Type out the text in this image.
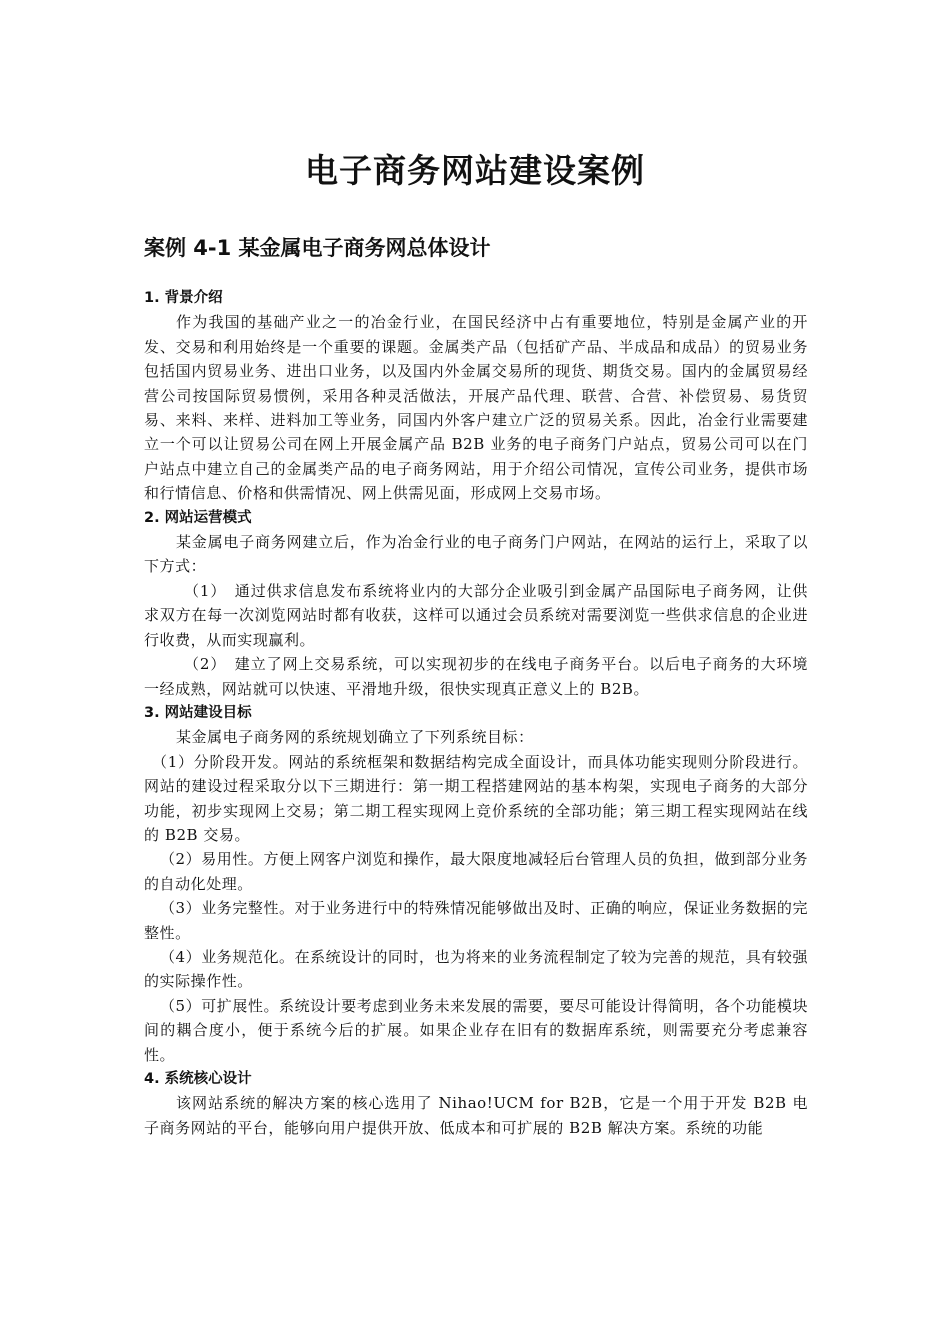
电子商务网站建设案例
案例 4-1 某金属电子商务网总体设计

1. 背景介绍

作为我国的基础产业之一的冶金行业，在国民经济中占有重要地位，特别是金属产业的开发、交易和利用始终是一个重要的课题。金属类产品（包括矿产品、半成品和成品）的贸易业务包括国内贸易业务、进出口业务，以及国内外金属交易所的现货、期货交易。国内的金属贸易经营公司按国际贸易惯例，采用各种灵活做法，开展产品代理、联营、合营、补偿贸易、易货贸易、来料、来样、进料加工等业务，同国内外客户建立广泛的贸易关系。因此，冶金行业需要建立一个可以让贸易公司在网上开展金属产品 B2B 业务的电子商务门户站点，贸易公司可以在门户站点中建立自己的金属类产品的电子商务网站，用于介绍公司情况，宣传公司业务，提供市场和行情信息、价格和供需情况、网上供需见面，形成网上交易市场。

2. 网站运营模式

某金属电子商务网建立后，作为冶金行业的电子商务门户网站，在网站的运行上，采取了以下方式：

（1）　通过供求信息发布系统将业内的大部分企业吸引到金属产品国际电子商务网，让供求双方在每一次浏览网站时都有收获，这样可以通过会员系统对需要浏览一些供求信息的企业进行收费，从而实现赢利。

（2）　建立了网上交易系统，可以实现初步的在线电子商务平台。以后电子商务的大环境一经成熟，网站就可以快速、平滑地升级，很快实现真正意义上的 B2B。

3. 网站建设目标

某金属电子商务网的系统规划确立了下列系统目标：

（1）分阶段开发。网站的系统框架和数据结构完成全面设计，而具体功能实现则分阶段进行。网站的建设过程采取分以下三期进行：第一期工程搭建网站的基本构架，实现电子商务的大部分功能，初步实现网上交易；第二期工程实现网上竞价系统的全部功能；第三期工程实现网站在线的 B2B 交易。

（2）易用性。方便上网客户浏览和操作，最大限度地减轻后台管理人员的负担，做到部分业务的自动化处理。

（3）业务完整性。对于业务进行中的特殊情况能够做出及时、正确的响应，保证业务数据的完整性。

（4）业务规范化。在系统设计的同时，也为将来的业务流程制定了较为完善的规范，具有较强的实际操作性。

（5）可扩展性。系统设计要考虑到业务未来发展的需要，要尽可能设计得简明，各个功能模块间的耦合度小，便于系统今后的扩展。如果企业存在旧有的数据库系统，则需要充分考虑兼容性。

4. 系统核心设计

该网站系统的解决方案的核心选用了 Nihao!UCM for B2B，它是一个用于开发 B2B 电子商务网站的平台，能够向用户提供开放、低成本和可扩展的 B2B 解决方案。系统的功能
